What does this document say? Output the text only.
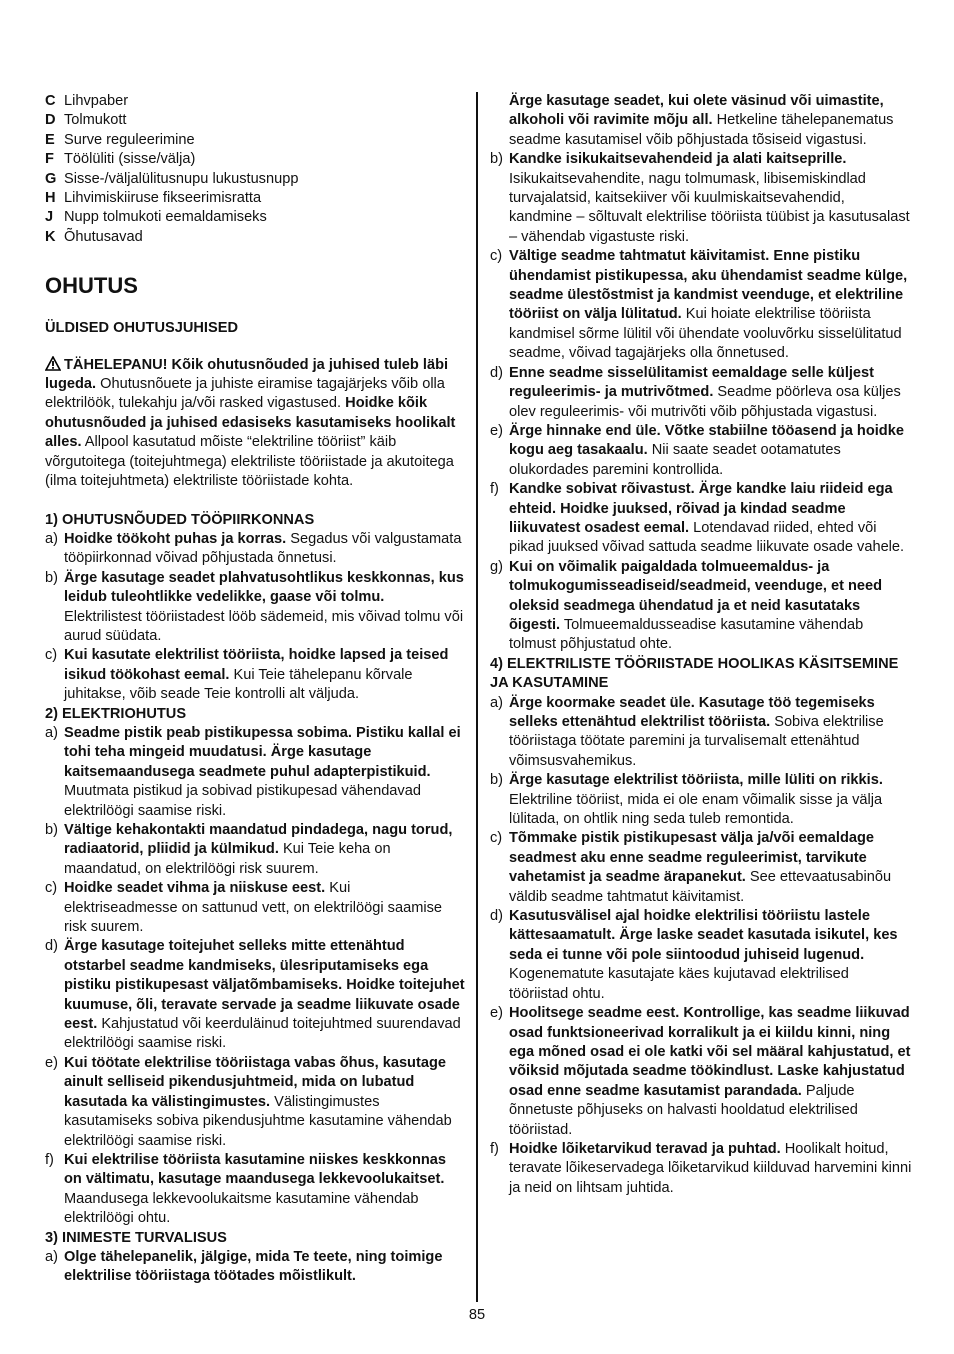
C Lihvpaber
D Tolmukott
E Surve reguleerimine
F Töölüliti (sisse/välja)
G Sisse-/väljalülitusnupu lukustusnupp
H Lihvimiskiiruse fikseerimisratta
J Nupp tolmukoti eemaldamiseks
K Õhutusavad
OHUTUS
ÜLDISED OHUTUSJUHISED

TÄHELEPANU! Kõik ohutusnõuded ja juhised tuleb läbi lugeda. Ohutusnõuete ja juhiste eiramise tagajärjeks võib olla elektrilöök, tulekahju ja/või rasked vigastused. Hoidke kõik ohutusnõuded ja juhised edasiseks kasutamiseks hoolikalt alles. Allpool kasutatud mõiste “elektriline tööriist” käib võrgutoitega (toitejuhtmega) elektriliste tööriistade ja akutoitega (ilma toitejuhtmeta) elektriliste tööriistade kohta.

1) OHUTUSNÕUDED TÖÖPIIRKONNAS
a) Hoidke töökoht puhas ja korras. Segadus või valgustamata tööpiirkonnad võivad põhjustada õnnetusi.
b) Ärge kasutage seadet plahvatusohtlikus keskkonnas, kus leidub tuleohtlikke vedelikke, gaase või tolmu. Elektrilistest tööriistadest lööb sädemeid, mis võivad tolmu või aurud süüdata.
c) Kui kasutate elektrilist tööriista, hoidke lapsed ja teised isikud töökohast eemal. Kui Teie tähelepanu kõrvale juhitakse, võib seade Teie kontrolli alt väljuda.
2) ELEKTRIOHUTUS
a) Seadme pistik peab pistikupessa sobima. Pistiku kallal ei tohi teha mingeid muudatusi. Ärge kasutage kaitsemaandusega seadmete puhul adapterpistikuid. Muutmata pistikud ja sobivad pistikupesad vähendavad elektrilöögi saamise riski.
b) Vältige kehakontakti maandatud pindadega, nagu torud, radiaatorid, pliidid ja külmikud. Kui Teie keha on maandatud, on elektrilöögi risk suurem.
c) Hoidke seadet vihma ja niiskuse eest. Kui elektriseadmesse on sattunud vett, on elektrilöögi saamise risk suurem.
d) Ärge kasutage toitejuhet selleks mitte ettenähtud otstarbel seadme kandmiseks, ülesriputamiseks ega pistiku pistikupesast väljatõmbamiseks. Hoidke toitejuhet kuumuse, õli, teravate servade ja seadme liikuvate osade eest. Kahjustatud või keerduläinud toitejuhtmed suurendavad elektrilöögi saamise riski.
e) Kui töötate elektrilise tööriistaga vabas õhus, kasutage ainult selliseid pikendusjuhtmeid, mida on lubatud kasutada ka välistingimustes. Välistingimustes kasutamiseks sobiva pikendusjuhtme kasutamine vähendab elektrilöögi saamise riski.
f) Kui elektrilise tööriista kasutamine niiskes keskkonnas on vältimatu, kasutage maandusega lekkevoolukaitset. Maandusega lekkevoolukaitsme kasutamine vähendab elektrilöögi ohtu.
3) INIMESTE TURVALISUS
a) Olge tähelepanelik, jälgige, mida Te teete, ning toimige elektrilise tööriistaga töötades mõistlikult.

Ärge kasutage seadet, kui olete väsinud või uimastite, alkoholi või ravimite mõju all. Hetkeline tähelepanematus seadme kasutamisel võib põhjustada tõsiseid vigastusi.

b) Kandke isikukaitsevahendeid ja alati kaitseprille. Isikukaitsevahendite, nagu tolmumask, libisemiskindlad turvajalatsid, kaitsekiiver või kuulmiskaitsevahendid, kandmine – sõltuvalt elektrilise tööriista tüübist ja kasutusalast – vähendab vigastuste riski.
c) Vältige seadme tahtmatut käivitamist. Enne pistiku ühendamist pistikupessa, aku ühendamist seadme külge, seadme ülestõstmist ja kandmist veenduge, et elektriline tööriist on välja lülitatud. Kui hoiate elektrilise tööriista kandmisel sõrme lülitil või ühendate vooluvõrku sisselülitatud seadme, võivad tagajärjeks olla õnnetused.
d) Enne seadme sisselülitamist eemaldage selle küljest reguleerimis- ja mutrivõtmed. Seadme pöörleva osa küljes olev reguleerimis- või mutrivõti võib põhjustada vigastusi.
e) Ärge hinnake end üle. Võtke stabiilne tööasend ja hoidke kogu aeg tasakaalu. Nii saate seadet ootamatutes olukordades paremini kontrollida.
f) Kandke sobivat rõivastust. Ärge kandke laiu riideid ega ehteid. Hoidke juuksed, rõivad ja kindad seadme liikuvatest osadest eemal. Lotendavad riided, ehted või pikad juuksed võivad sattuda seadme liikuvate osade vahele.
g) Kui on võimalik paigaldada tolmueemaldus- ja tolmukogumisseadiseid/seadmeid, veenduge, et need oleksid seadmega ühendatud ja et neid kasutataks õigesti. Tolmueemaldusseadise kasutamine vähendab tolmust põhjustatud ohte.
4) ELEKTRILISTE TÖÖRIISTADE HOOLIKAS KÄSITSEMINE JA KASUTAMINE
a) Ärge koormake seadet üle. Kasutage töö tegemiseks selleks ettenähtud elektrilist tööriista. Sobiva elektrilise tööriistaga töötate paremini ja turvalisemalt ettenähtud võimsusvahemikus.
b) Ärge kasutage elektrilist tööriista, mille lüliti on rikkis. Elektriline tööriist, mida ei ole enam võimalik sisse ja välja lülitada, on ohtlik ning seda tuleb remontida.
c) Tõmmake pistik pistikupesast välja ja/või eemaldage seadmest aku enne seadme reguleerimist, tarvikute vahetamist ja seadme ärapanekut. See ettevaatusabinõu väldib seadme tahtmatut käivitamist.
d) Kasutusvälisel ajal hoidke elektrilisi tööriistu lastele kättesaamatult. Ärge laske seadet kasutada isikutel, kes seda ei tunne või pole siintoodud juhiseid lugenud. Kogenematute kasutajate käes kujutavad elektrilised tööriistad ohtu.
e) Hoolitsege seadme eest. Kontrollige, kas seadme liikuvad osad funktsioneerivad korralikult ja ei kiildu kinni, ning ega mõned osad ei ole katki või sel määral kahjustatud, et võiksid mõjutada seadme töökindlust. Laske kahjustatud osad enne seadme kasutamist parandada. Paljude õnnetuste põhjuseks on halvasti hooldatud elektrilised tööriistad.
f) Hoidke lõiketarvikud teravad ja puhtad. Hoolikalt hoitud, teravate lõikeservadega lõiketarvikud kiilduvad harvemini kinni ja neid on lihtsam juhtida.
85
